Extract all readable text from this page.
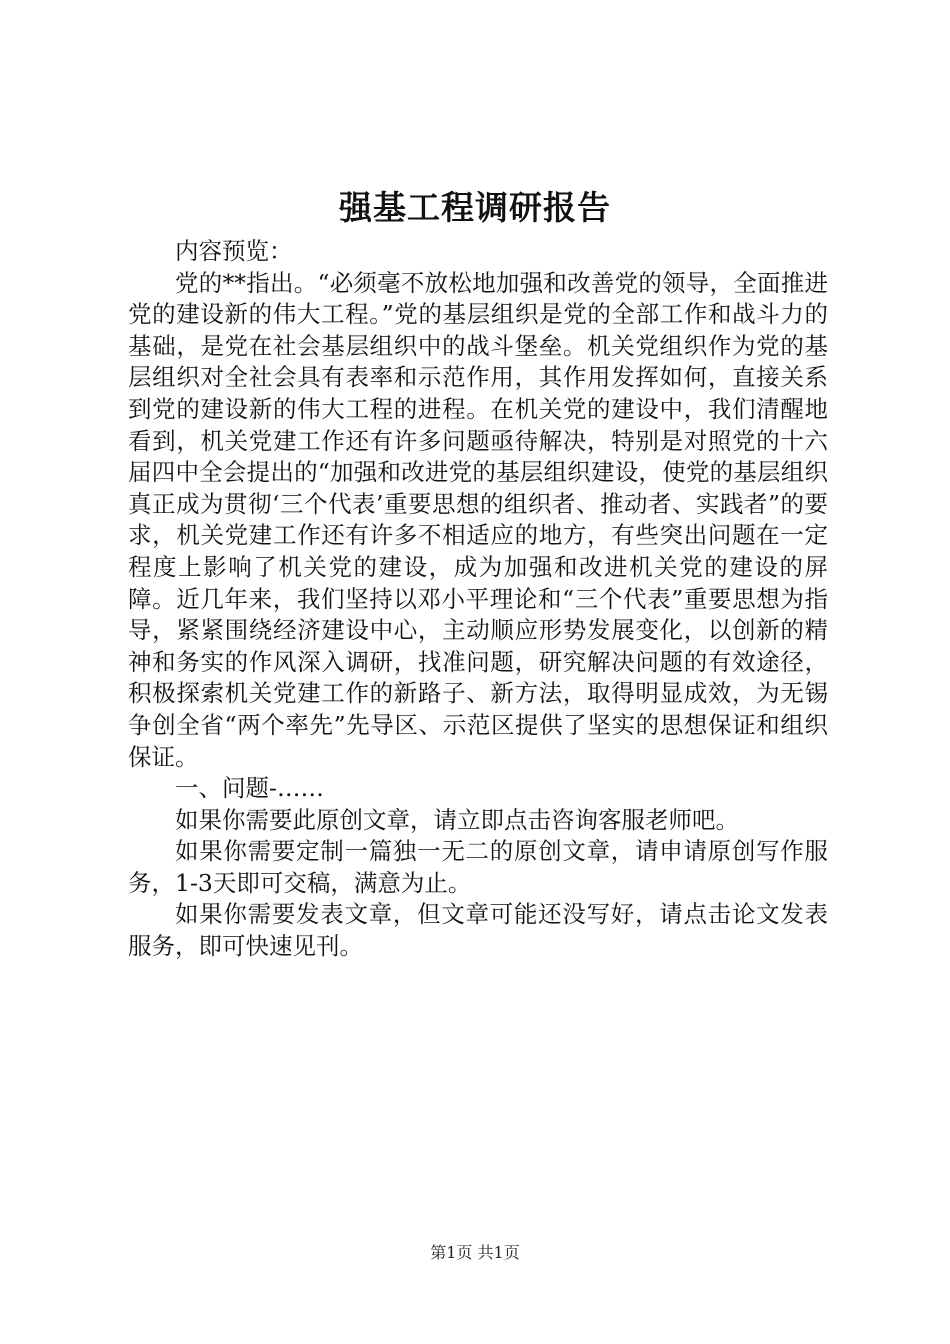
强基工程调研报告

内容预览：

党的**指出。“必须毫不放松地加强和改善党的领导，全面推进党的建设新的伟大工程。”党的基层组织是党的全部工作和战斗力的基础，是党在社会基层组织中的战斗堡垒。机关党组织作为党的基层组织对全社会具有表率和示范作用，其作用发挥如何，直接关系到党的建设新的伟大工程的进程。在机关党的建设中，我们清醒地看到，机关党建工作还有许多问题亟待解决，特别是对照党的十六届四中全会提出的“加强和改进党的基层组织建设，使党的基层组织真正成为贯彻‘三个代表’重要思想的组织者、推动者、实践者”的要求，机关党建工作还有许多不相适应的地方，有些突出问题在一定程度上影响了机关党的建设，成为加强和改进机关党的建设的屏障。近几年来，我们坚持以邓小平理论和“三个代表”重要思想为指导，紧紧围绕经济建设中心，主动顺应形势发展变化，以创新的精神和务实的作风深入调研，找准问题，研究解决问题的有效途径，积极探索机关党建工作的新路子、新方法，取得明显成效，为无锡争创全省“两个率先”先导区、示范区提供了坚实的思想保证和组织保证。

一、问题-……

如果你需要此原创文章，请立即点击咨询客服老师吧。

如果你需要定制一篇独一无二的原创文章，请申请原创写作服务，1-3天即可交稿，满意为止。

如果你需要发表文章，但文章可能还没写好，请点击论文发表服务，即可快速见刊。

第1页 共1页
